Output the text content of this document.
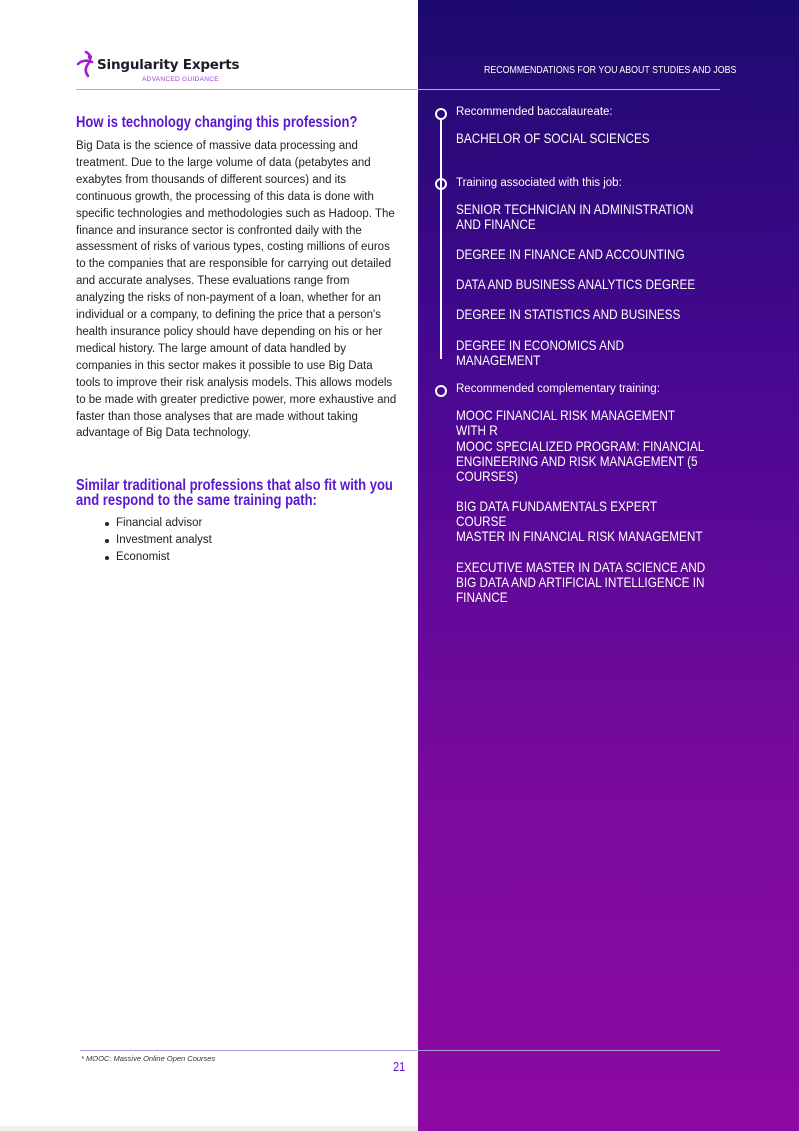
Singularity Experts
ADVANCED GUIDANCE
RECOMMENDATIONS FOR YOU ABOUT STUDIES AND JOBS
How is technology changing this profession?
Big Data is the science of massive data processing and treatment. Due to the large volume of data (petabytes and exabytes from thousands of different sources) and its continuous growth, the processing of this data is done with specific technologies and methodologies such as Hadoop. The finance and insurance sector is confronted daily with the assessment of risks of various types, costing millions of euros to the companies that are responsible for carrying out detailed and accurate analyses. These evaluations range from analyzing the risks of non-payment of a loan, whether for an individual or a company, to defining the price that a person's health insurance policy should have depending on his or her medical history. The large amount of data handled by companies in this sector makes it possible to use Big Data tools to improve their risk analysis models. This allows models to be made with greater predictive power, more exhaustive and faster than those analyses that are made without taking advantage of Big Data technology.
Similar traditional professions that also fit with you and respond to the same training path:
Financial advisor
Investment analyst
Economist
Recommended baccalaureate:
BACHELOR OF SOCIAL SCIENCES
Training associated with this job:
SENIOR TECHNICIAN IN ADMINISTRATION AND FINANCE
DEGREE IN FINANCE AND ACCOUNTING
DATA AND BUSINESS ANALYTICS DEGREE
DEGREE IN STATISTICS AND BUSINESS
DEGREE IN ECONOMICS AND MANAGEMENT
Recommended complementary training:
MOOC FINANCIAL RISK MANAGEMENT WITH R
MOOC SPECIALIZED PROGRAM: FINANCIAL ENGINEERING AND RISK MANAGEMENT (5 COURSES)
BIG DATA FUNDAMENTALS EXPERT COURSE
MASTER IN FINANCIAL RISK MANAGEMENT
EXECUTIVE MASTER IN DATA SCIENCE AND BIG DATA AND ARTIFICIAL INTELLIGENCE IN FINANCE
* MOOC: Massive Online Open Courses
21
